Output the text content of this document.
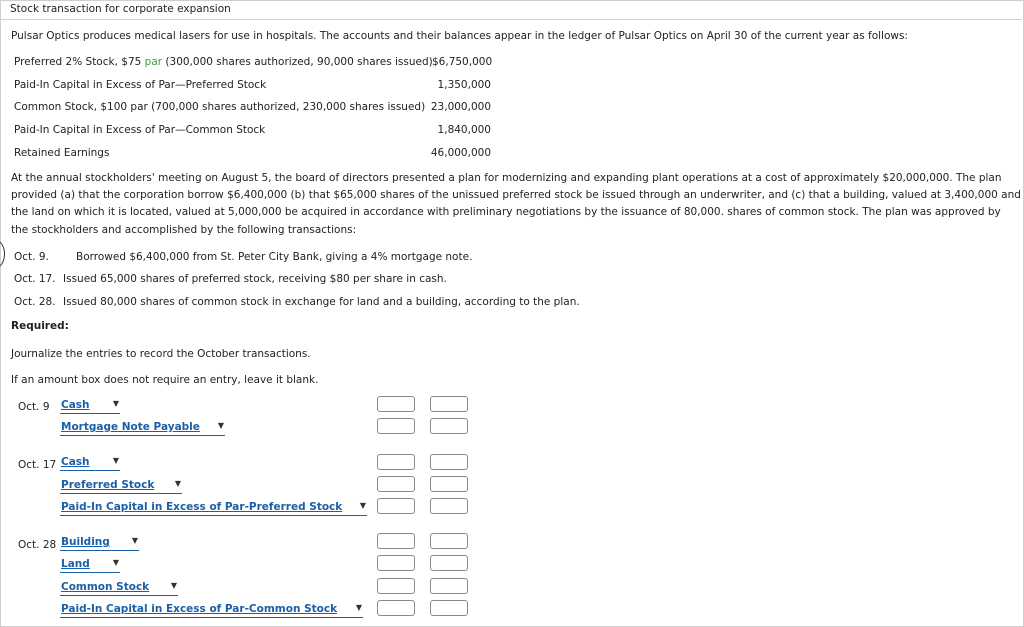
Stock transaction for corporate expansion
Pulsar Optics produces medical lasers for use in hospitals. The accounts and their balances appear in the ledger of Pulsar Optics on April 30 of the current year as follows:
Preferred 2% Stock, $75 par (300,000 shares authorized, 90,000 shares issued) $6,750,000
Paid-In Capital in Excess of Par—Preferred Stock	1,350,000
Common Stock, $100 par (700,000 shares authorized, 230,000 shares issued) 23,000,000
Paid-In Capital in Excess of Par—Common Stock	1,840,000
Retained Earnings	46,000,000
At the annual stockholders' meeting on August 5, the board of directors presented a plan for modernizing and expanding plant operations at a cost of approximately $20,000,000. The plan provided (a) that the corporation borrow $6,400,000 (b) that $65,000 shares of the unissued preferred stock be issued through an underwriter, and (c) that a building, valued at 3,400,000 and the land on which it is located, valued at 5,000,000 be acquired in accordance with preliminary negotiations by the issuance of 80,000. shares of common stock. The plan was approved by the stockholders and accomplished by the following transactions:
Oct. 9.	Borrowed $6,400,000 from St. Peter City Bank, giving a 4% mortgage note.
Oct. 17. Issued 65,000 shares of preferred stock, receiving $80 per share in cash.
Oct. 28. Issued 80,000 shares of common stock in exchange for land and a building, according to the plan.
Required:
Journalize the entries to record the October transactions.
If an amount box does not require an entry, leave it blank.
Oct. 9 Cash	▼
Mortgage Note Payable ▼
Oct. 17 Cash	▼
Preferred Stock	▼
Paid-In Capital in Excess of Par-Preferred Stock ▼
Oct. 28 Building	▼
Land	▼
Common Stock	▼
Paid-In Capital in Excess of Par-Common Stock ▼
